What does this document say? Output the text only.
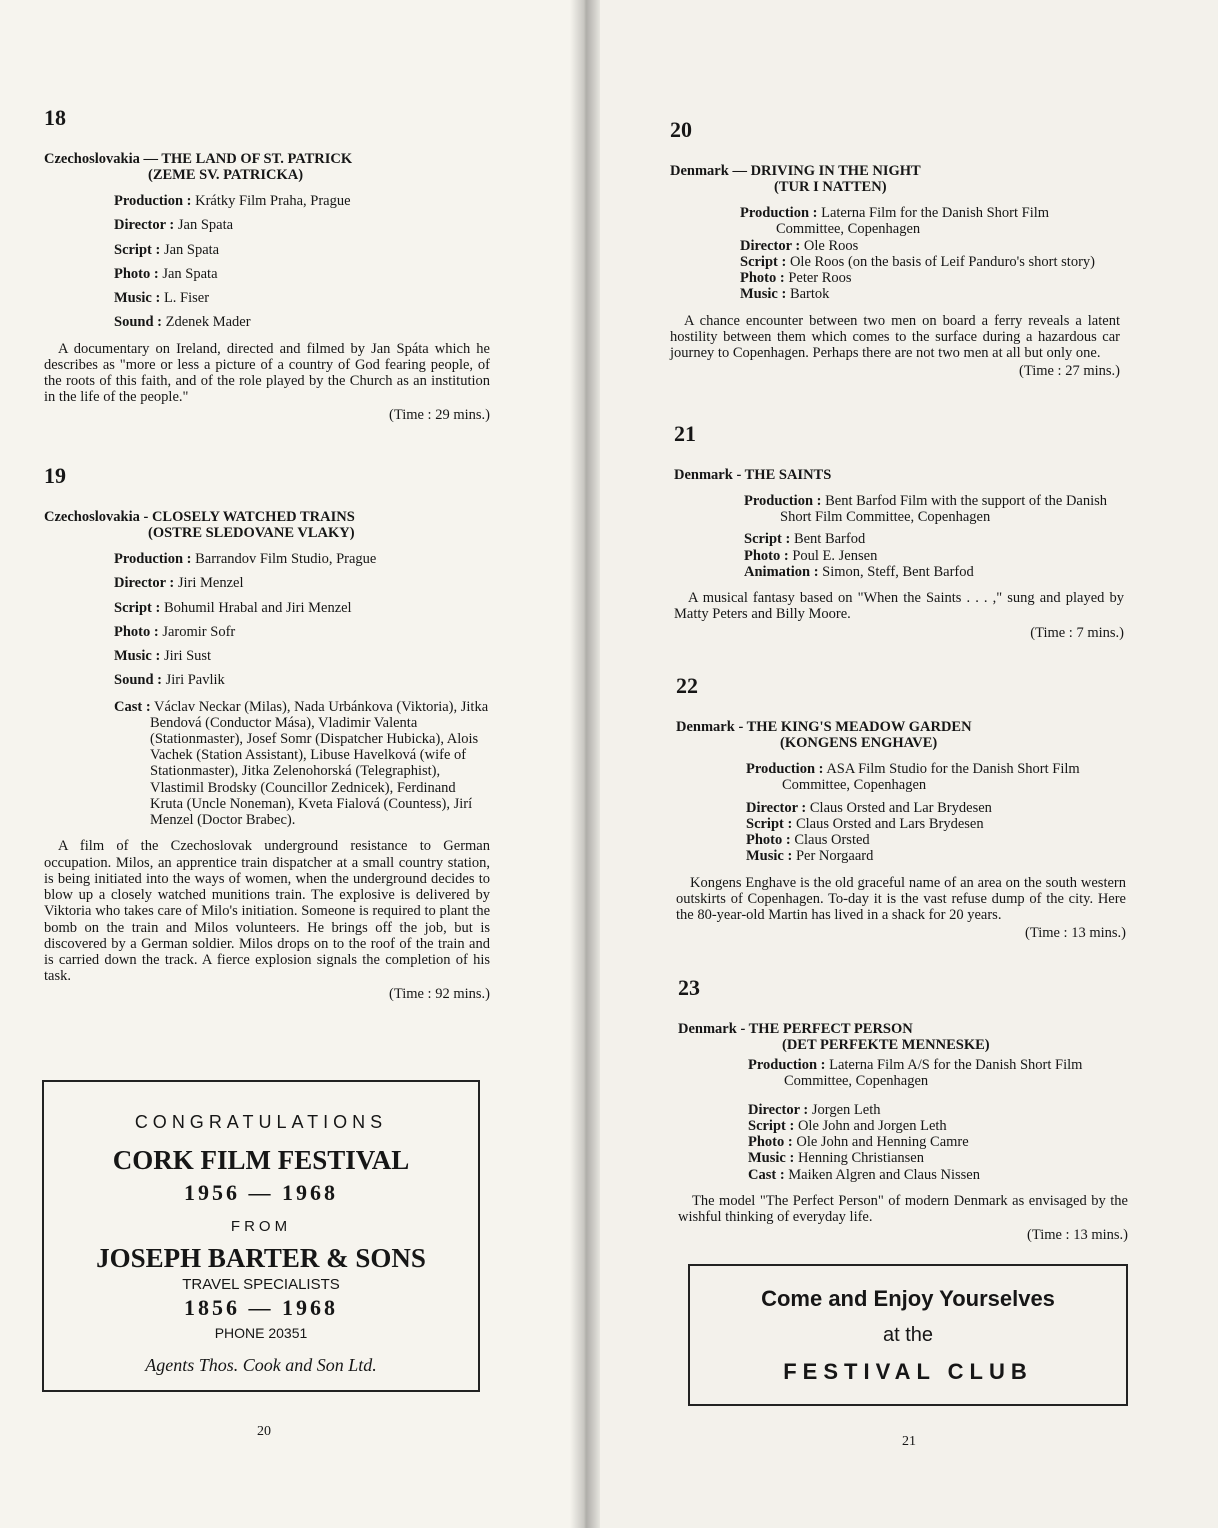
18
Czechoslovakia — THE LAND OF ST. PATRICK
(ZEME SV. PATRICKA)
Production : Krátky Film Praha, Prague
Director : Jan Spata
Script : Jan Spata
Photo : Jan Spata
Music : L. Fiser
Sound : Zdenek Mader
A documentary on Ireland, directed and filmed by Jan Spáta which he describes as "more or less a picture of a country of God fearing people, of the roots of this faith, and of the role played by the Church as an institution in the life of the people."
(Time : 29 mins.)
19
Czechoslovakia - CLOSELY WATCHED TRAINS
(OSTRE SLEDOVANE VLAKY)
Production : Barrandov Film Studio, Prague
Director : Jiri Menzel
Script : Bohumil Hrabal and Jiri Menzel
Photo : Jaromir Sofr
Music : Jiri Sust
Sound : Jiri Pavlik
Cast : Václav Neckar (Milas), Nada Urbánkova (Viktoria), Jitka Bendová (Conductor Mása), Vladimir Valenta (Stationmaster), Josef Somr (Dispatcher Hubicka), Alois Vachek (Station Assistant), Libuse Havelková (wife of Stationmaster), Jitka Zelenohorská (Telegraphist), Vlastimil Brodsky (Councillor Zednicek), Ferdinand Kruta (Uncle Noneman), Kveta Fialová (Countess), Jirí Menzel (Doctor Brabec).
A film of the Czechoslovak underground resistance to German occupation. Milos, an apprentice train dispatcher at a small country station, is being initiated into the ways of women, when the underground decides to blow up a closely watched munitions train. The explosive is delivered by Viktoria who takes care of Milo's initiation. Someone is required to plant the bomb on the train and Milos volunteers. He brings off the job, but is discovered by a German soldier. Milos drops on to the roof of the train and is carried down the track. A fierce explosion signals the completion of his task.
(Time : 92 mins.)
CONGRATULATIONS
CORK FILM FESTIVAL
1956 — 1968
FROM
JOSEPH BARTER & SONS
TRAVEL SPECIALISTS
1856 — 1968
PHONE 20351
Agents Thos. Cook and Son Ltd.
20
20
Denmark — DRIVING IN THE NIGHT
(TUR I NATTEN)
Production : Laterna Film for the Danish Short Film Committee, Copenhagen
Director : Ole Roos
Script : Ole Roos (on the basis of Leif Panduro's short story)
Photo : Peter Roos
Music : Bartok
A chance encounter between two men on board a ferry reveals a latent hostility between them which comes to the surface during a hazardous car journey to Copenhagen. Perhaps there are not two men at all but only one.
(Time : 27 mins.)
21
Denmark - THE SAINTS
Production : Bent Barfod Film with the support of the Danish Short Film Committee, Copenhagen
Script : Bent Barfod
Photo : Poul E. Jensen
Animation : Simon, Steff, Bent Barfod
A musical fantasy based on "When the Saints . . . ," sung and played by Matty Peters and Billy Moore.
(Time : 7 mins.)
22
Denmark - THE KING'S MEADOW GARDEN
(KONGENS ENGHAVE)
Production : ASA Film Studio for the Danish Short Film Committee, Copenhagen
Director : Claus Orsted and Lar Brydesen
Script : Claus Orsted and Lars Brydesen
Photo : Claus Orsted
Music : Per Norgaard
Kongens Enghave is the old graceful name of an area on the south western outskirts of Copenhagen. To-day it is the vast refuse dump of the city. Here the 80-year-old Martin has lived in a shack for 20 years.
(Time : 13 mins.)
23
Denmark - THE PERFECT PERSON
(DET PERFEKTE MENNESKE)
Production : Laterna Film A/S for the Danish Short Film Committee, Copenhagen
Director : Jorgen Leth
Script : Ole John and Jorgen Leth
Photo : Ole John and Henning Camre
Music : Henning Christiansen
Cast : Maiken Algren and Claus Nissen
The model "The Perfect Person" of modern Denmark as envisaged by the wishful thinking of everyday life.
(Time : 13 mins.)
Come and Enjoy Yourselves
at the
FESTIVAL CLUB
21
